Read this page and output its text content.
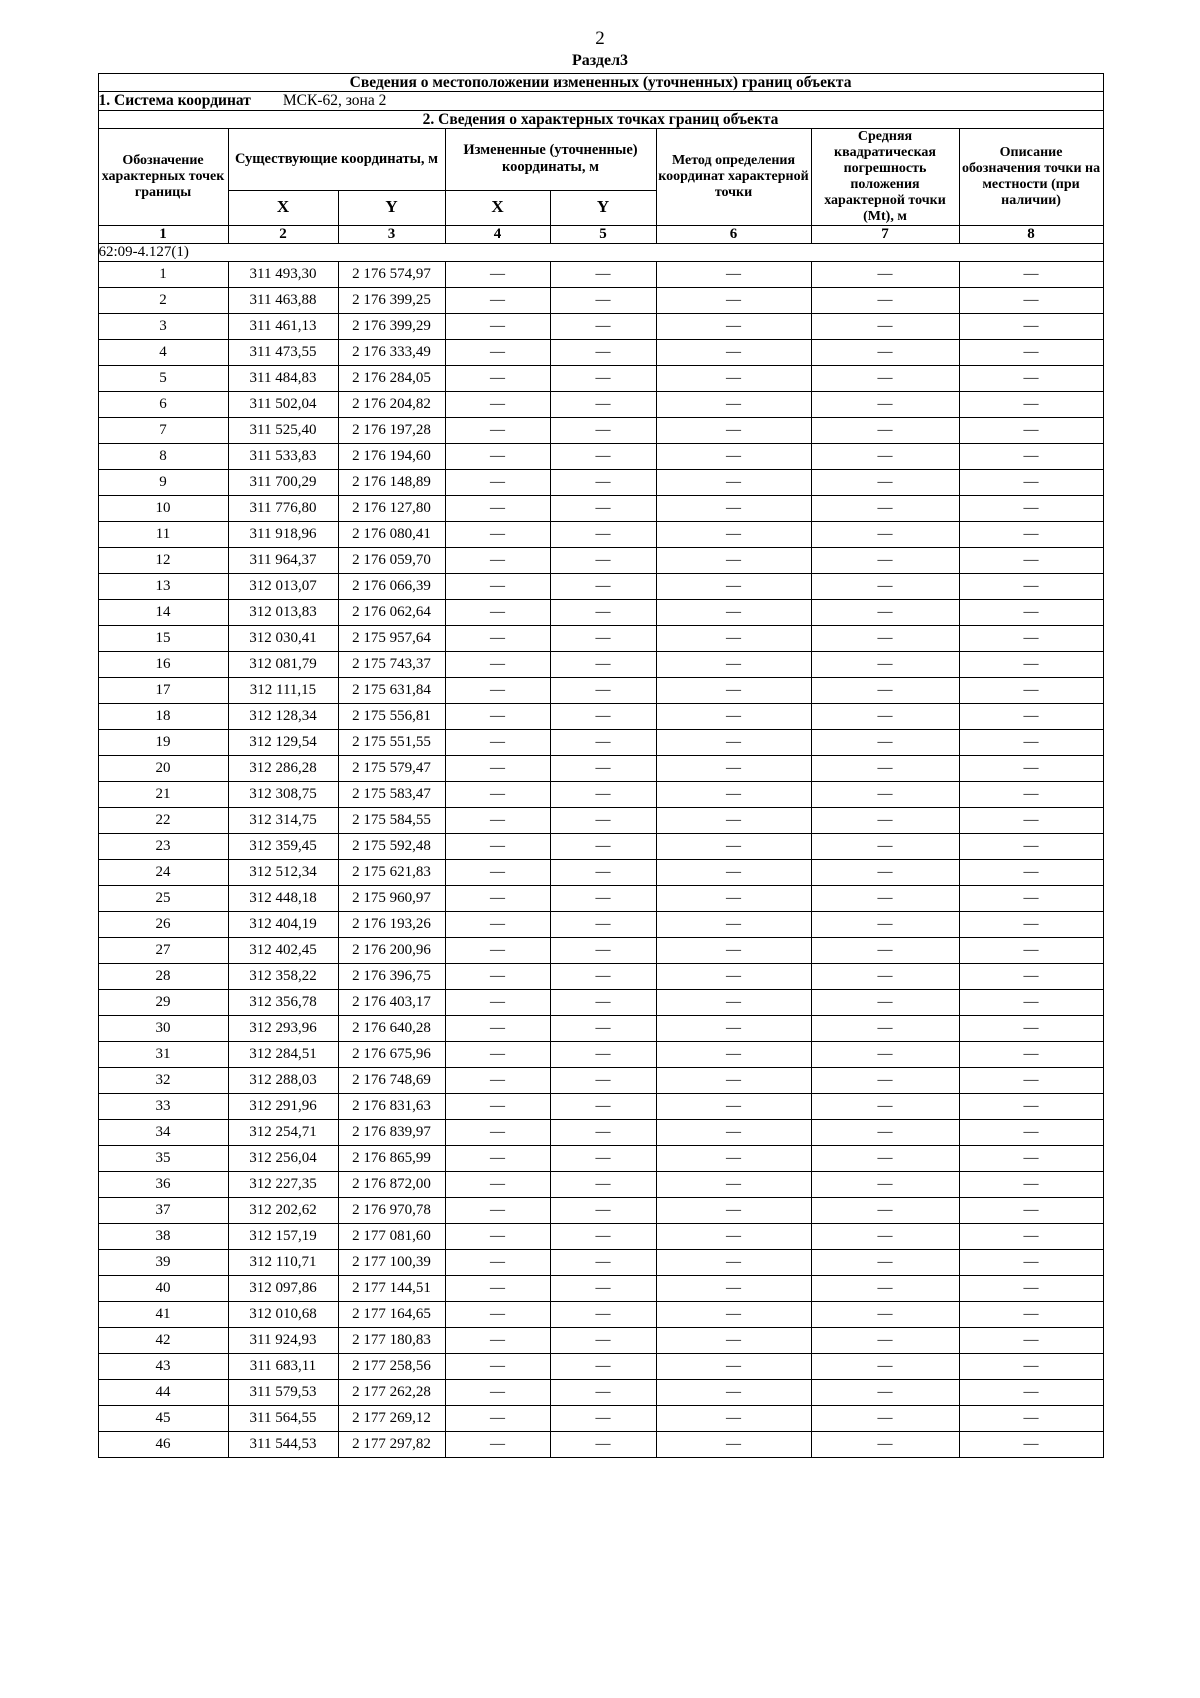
2
Раздел3
Сведения о местоположении измененных (уточненных) границ объекта							
1. Система координат МСК-62, зона 2							
2. Сведения о характерных точках границ объекта							
Обозначение характерных точек границы	Существующие координаты, м		Измененные (уточненные) координаты, м		Метод определения координат характерной точки	Средняя квадратическая погрешность положения характерной точки (Mt), м	Описание обозначения точки на местности (при наличии)
	X	Y	X	Y			
1	2	3	4	5	6	7	8
62:09-4.127(1)							
1	311 493,30	2 176 574,97	—	—	—	—	—
2	311 463,88	2 176 399,25	—	—	—	—	—
3	311 461,13	2 176 399,29	—	—	—	—	—
4	311 473,55	2 176 333,49	—	—	—	—	—
5	311 484,83	2 176 284,05	—	—	—	—	—
6	311 502,04	2 176 204,82	—	—	—	—	—
7	311 525,40	2 176 197,28	—	—	—	—	—
8	311 533,83	2 176 194,60	—	—	—	—	—
9	311 700,29	2 176 148,89	—	—	—	—	—
10	311 776,80	2 176 127,80	—	—	—	—	—
11	311 918,96	2 176 080,41	—	—	—	—	—
12	311 964,37	2 176 059,70	—	—	—	—	—
13	312 013,07	2 176 066,39	—	—	—	—	—
14	312 013,83	2 176 062,64	—	—	—	—	—
15	312 030,41	2 175 957,64	—	—	—	—	—
16	312 081,79	2 175 743,37	—	—	—	—	—
17	312 111,15	2 175 631,84	—	—	—	—	—
18	312 128,34	2 175 556,81	—	—	—	—	—
19	312 129,54	2 175 551,55	—	—	—	—	—
20	312 286,28	2 175 579,47	—	—	—	—	—
21	312 308,75	2 175 583,47	—	—	—	—	—
22	312 314,75	2 175 584,55	—	—	—	—	—
23	312 359,45	2 175 592,48	—	—	—	—	—
24	312 512,34	2 175 621,83	—	—	—	—	—
25	312 448,18	2 175 960,97	—	—	—	—	—
26	312 404,19	2 176 193,26	—	—	—	—	—
27	312 402,45	2 176 200,96	—	—	—	—	—
28	312 358,22	2 176 396,75	—	—	—	—	—
29	312 356,78	2 176 403,17	—	—	—	—	—
30	312 293,96	2 176 640,28	—	—	—	—	—
31	312 284,51	2 176 675,96	—	—	—	—	—
32	312 288,03	2 176 748,69	—	—	—	—	—
33	312 291,96	2 176 831,63	—	—	—	—	—
34	312 254,71	2 176 839,97	—	—	—	—	—
35	312 256,04	2 176 865,99	—	—	—	—	—
36	312 227,35	2 176 872,00	—	—	—	—	—
37	312 202,62	2 176 970,78	—	—	—	—	—
38	312 157,19	2 177 081,60	—	—	—	—	—
39	312 110,71	2 177 100,39	—	—	—	—	—
40	312 097,86	2 177 144,51	—	—	—	—	—
41	312 010,68	2 177 164,65	—	—	—	—	—
42	311 924,93	2 177 180,83	—	—	—	—	—
43	311 683,11	2 177 258,56	—	—	—	—	—
44	311 579,53	2 177 262,28	—	—	—	—	—
45	311 564,55	2 177 269,12	—	—	—	—	—
46	311 544,53	2 177 297,82	—	—	—	—	—
